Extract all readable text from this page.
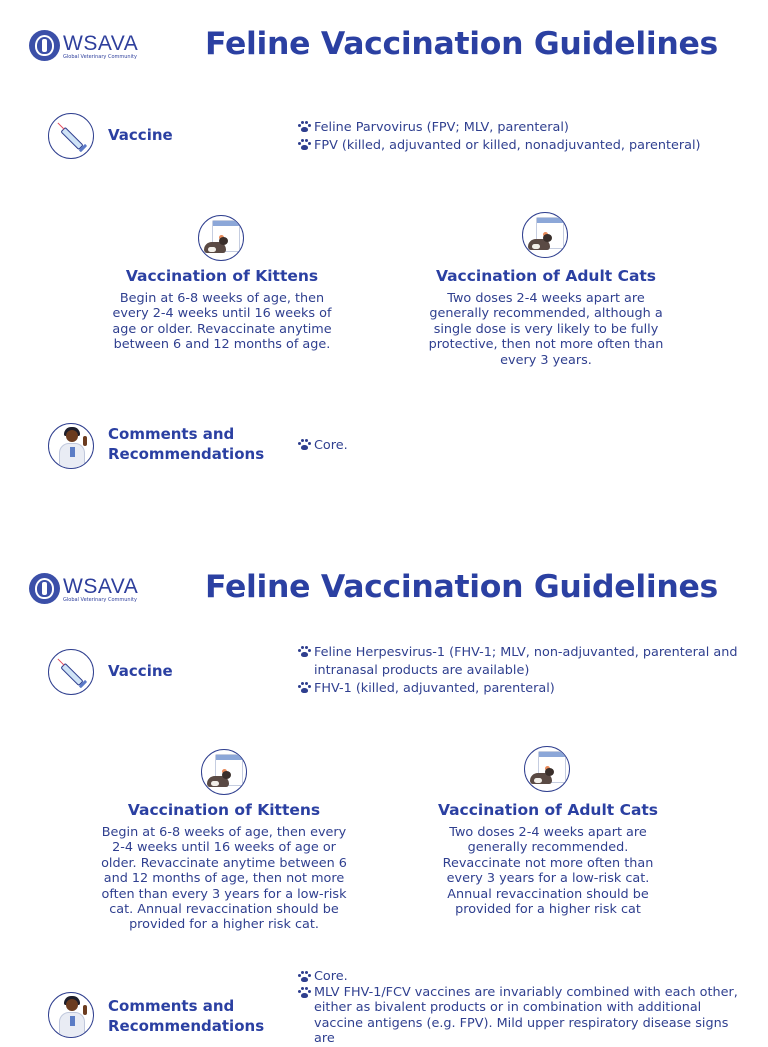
WSAVA
Global Veterinary Community Feline Vaccination Guidelines
Vaccine	Feline Parvovirus (FPV; MLV, parenteral)
FPV (killed, adjuvanted or killed, nonadjuvanted, parenteral)
Vaccination of Kittens
Begin at 6-8 weeks of age, then every 2-4 weeks until 16 weeks of age or older. Revaccinate anytime between 6 and 12 months of age.
Vaccination of Adult Cats
Two doses 2-4 weeks apart are generally recommended, although a single dose is very likely to be fully protective, then not more often than every 3 years.
Comments and
Recommendations	Core.
WSAVA
Global Veterinary Community Feline Vaccination Guidelines
Vaccine
Feline Herpesvirus-1 (FHV-1; MLV, non-adjuvanted, parenteral and intranasal products are available)
FHV-1 (killed, adjuvanted, parenteral)
Vaccination of Kittens
Begin at 6-8 weeks of age, then every 2-4 weeks until 16 weeks of age or older. Revaccinate anytime between 6 and 12 months of age, then not more often than every 3 years for a low-risk cat. Annual revaccination should be provided for a higher risk cat.
Vaccination of Adult Cats
Two doses 2-4 weeks apart are generally recommended. Revaccinate not more often than every 3 years for a low-risk cat. Annual revaccination should be provided for a higher risk cat
Comments and
Recommendations
Core.
MLV FHV-1/FCV vaccines are invariably combined with each other, either as bivalent products or in combination with additional vaccine antigens (e.g. FPV). Mild upper respiratory disease signs are
